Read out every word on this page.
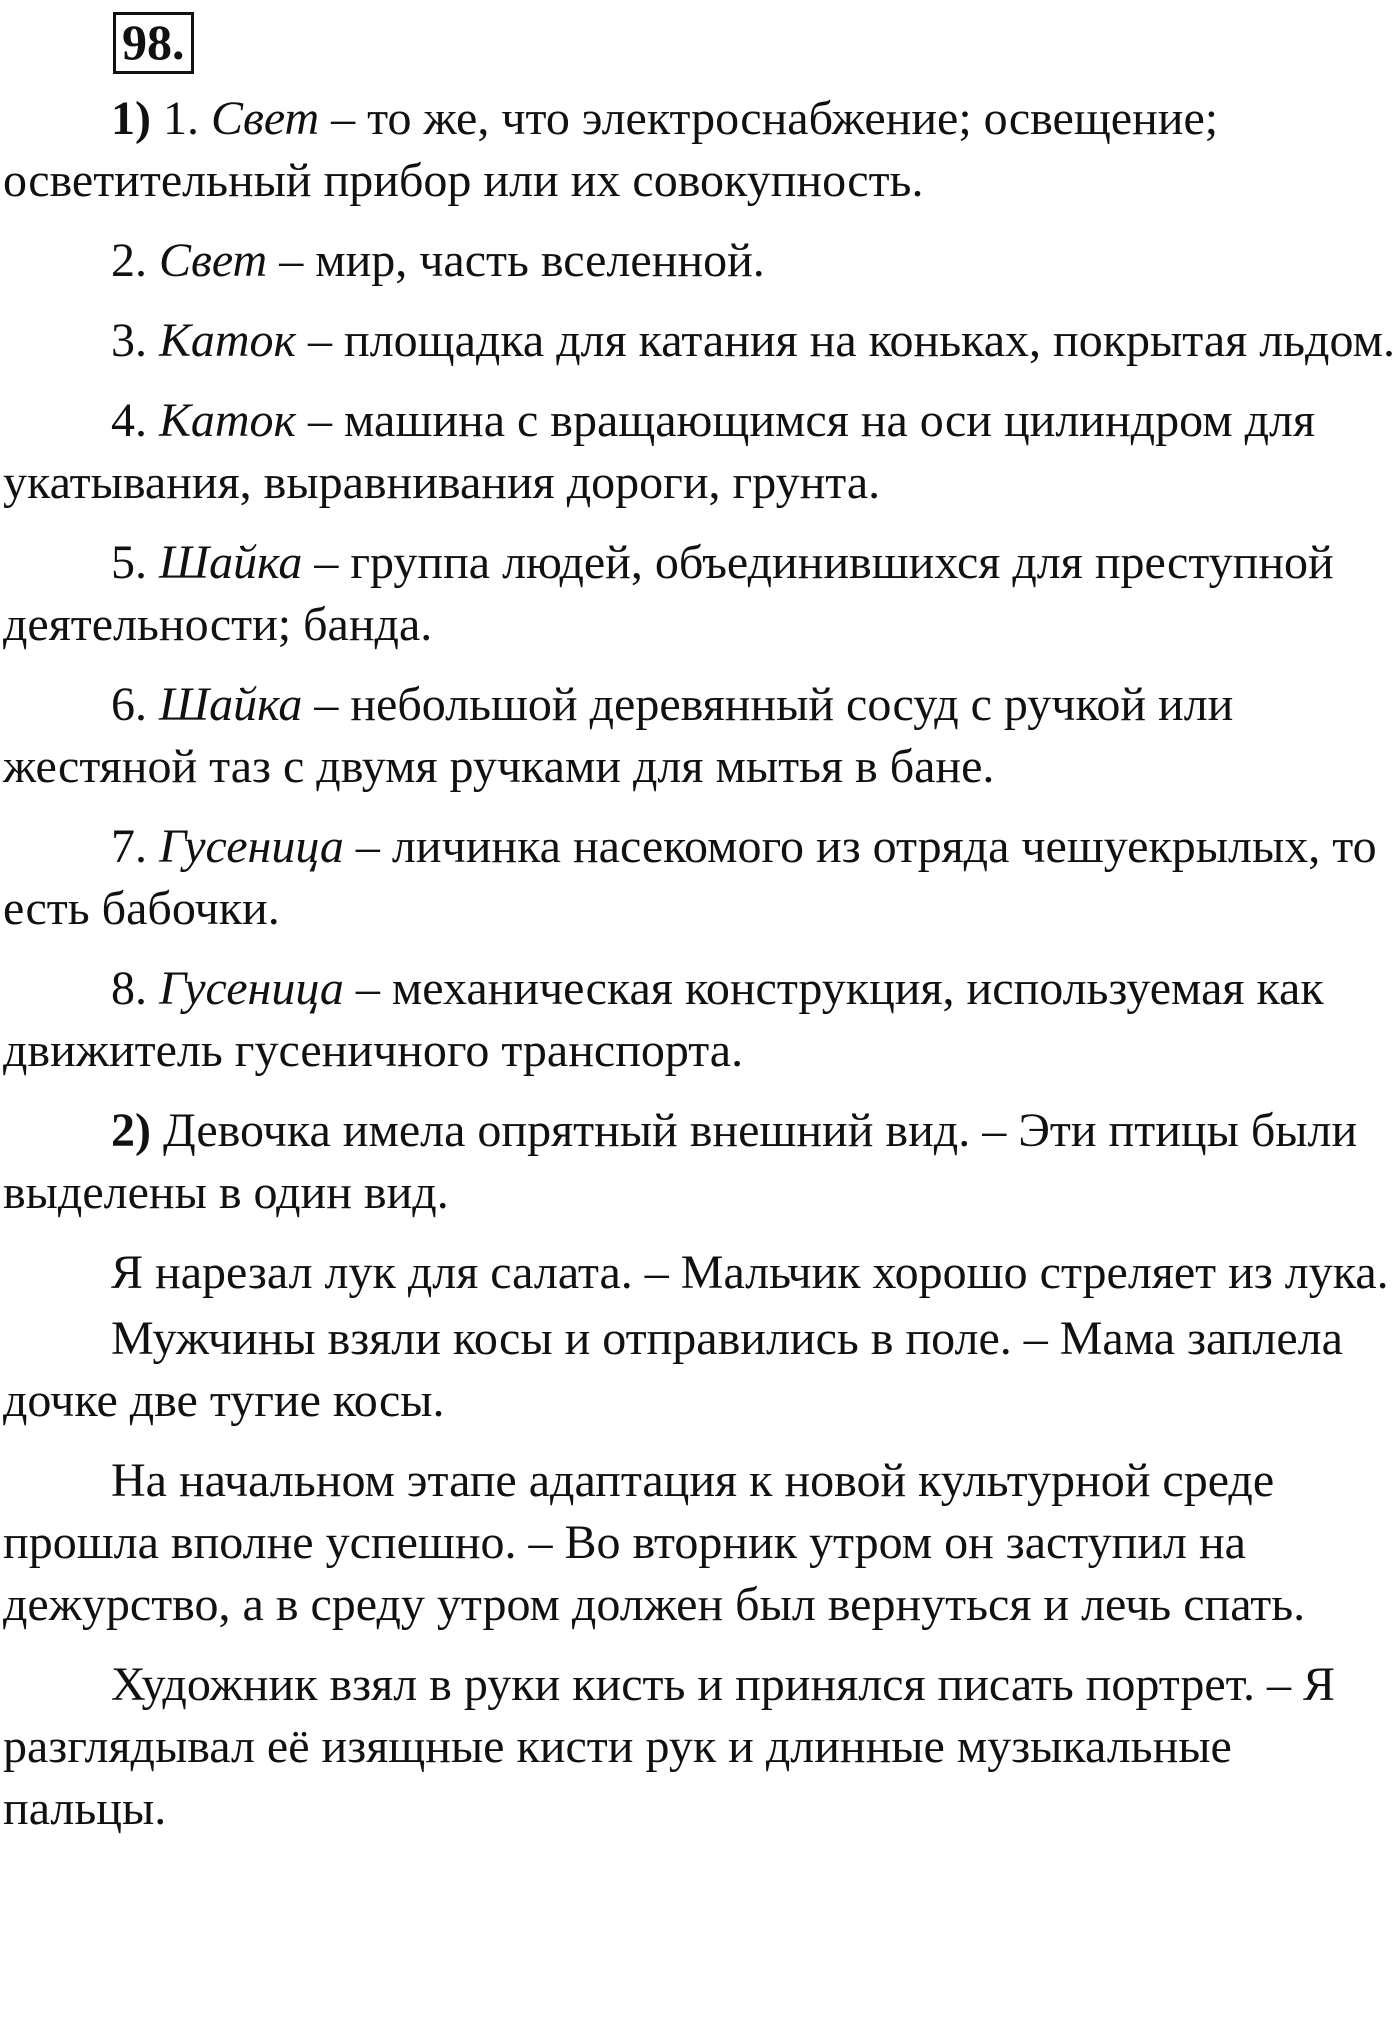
98.

1) 1. Свет – то же, что электроснабжение; освещение; осветительный прибор или их совокупность.

2. Свет – мир, часть вселенной.

3. Каток – площадка для катания на коньках, покрытая льдом.

4. Каток – машина с вращающимся на оси цилиндром для укатывания, выравнивания дороги, грунта.

5. Шайка – группа людей, объединившихся для преступной деятельности; банда.

6. Шайка – небольшой деревянный сосуд с ручкой или жестяной таз с двумя ручками для мытья в бане.

7. Гусеница – личинка насекомого из отряда чешуекрылых, то есть бабочки.

8. Гусеница – механическая конструкция, используемая как движитель гусеничного транспорта.

2) Девочка имела опрятный внешний вид. – Эти птицы были выделены в один вид.

Я нарезал лук для салата. – Мальчик хорошо стреляет из лука.

Мужчины взяли косы и отправились в поле. – Мама заплела дочке две тугие косы.

На начальном этапе адаптация к новой культурной среде прошла вполне успешно. – Во вторник утром он заступил на дежурство, а в среду утром должен был вернуться и лечь спать.

Художник взял в руки кисть и принялся писать портрет. – Я разглядывал её изящные кисти рук и длинные музыкальные пальцы.
